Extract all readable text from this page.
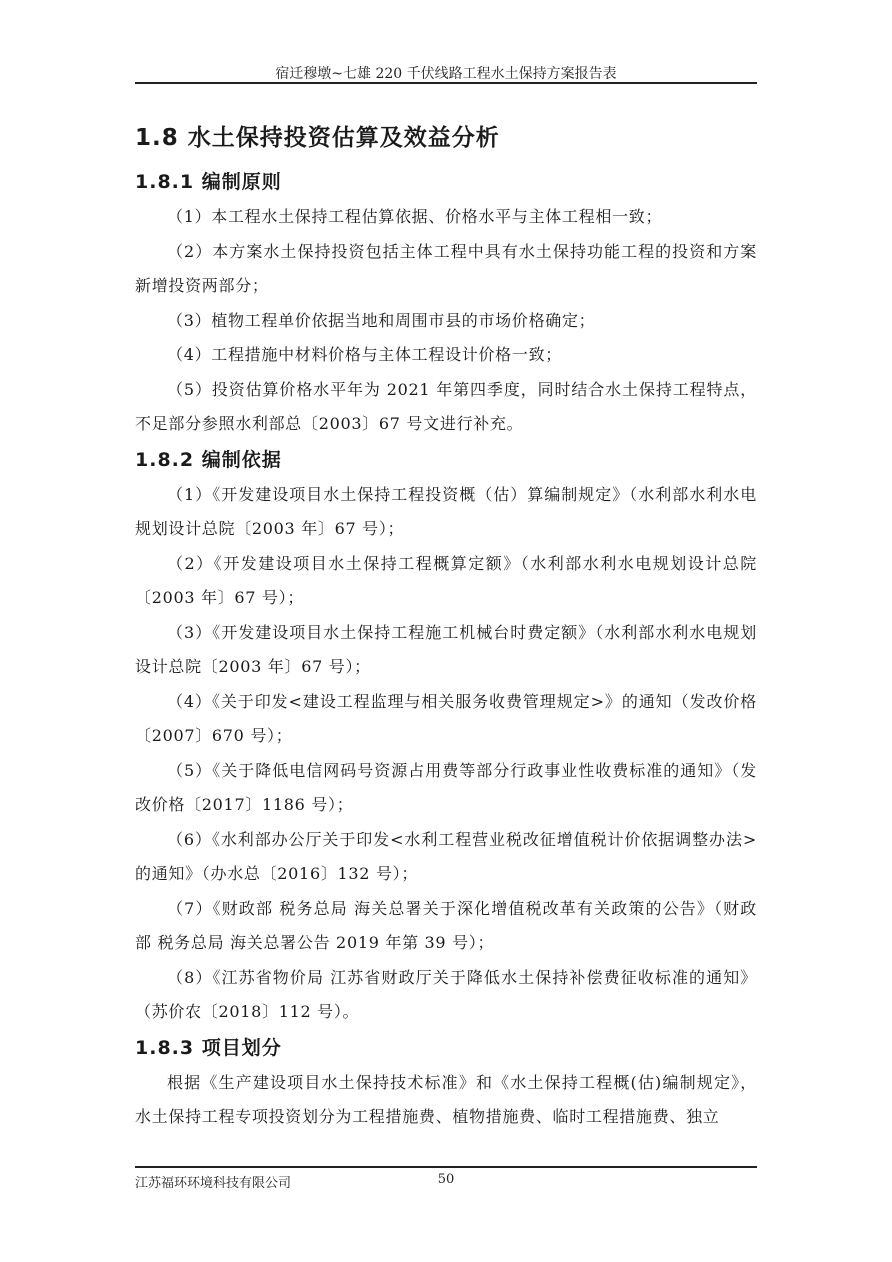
宿迁穆墩~七雄 220 千伏线路工程水土保持方案报告表
1.8 水土保持投资估算及效益分析
1.8.1 编制原则

（1）本工程水土保持工程估算依据、价格水平与主体工程相一致；

（2）本方案水土保持投资包括主体工程中具有水土保持功能工程的投资和方案新增投资两部分；

（3）植物工程单价依据当地和周围市县的市场价格确定；

（4）工程措施中材料价格与主体工程设计价格一致；

（5）投资估算价格水平年为 2021 年第四季度，同时结合水土保持工程特点，不足部分参照水利部总〔2003〕67 号文进行补充。

1.8.2 编制依据

（1）《开发建设项目水土保持工程投资概（估）算编制规定》（水利部水利水电规划设计总院〔2003 年〕67 号）；

（2）《开发建设项目水土保持工程概算定额》（水利部水利水电规划设计总院〔2003 年〕67 号）；

（3）《开发建设项目水土保持工程施工机械台时费定额》（水利部水利水电规划设计总院〔2003 年〕67 号）；

（4）《关于印发<建设工程监理与相关服务收费管理规定>》的通知（发改价格〔2007〕670 号）；

（5）《关于降低电信网码号资源占用费等部分行政事业性收费标准的通知》（发改价格〔2017〕1186 号）；

（6）《水利部办公厅关于印发<水利工程营业税改征增值税计价依据调整办法>的通知》（办水总〔2016〕132 号）；

（7）《财政部 税务总局 海关总署关于深化增值税改革有关政策的公告》（财政部 税务总局 海关总署公告 2019 年第 39 号）；

（8）《江苏省物价局 江苏省财政厅关于降低水土保持补偿费征收标准的通知》（苏价农〔2018〕112 号）。

1.8.3 项目划分

根据《生产建设项目水土保持技术标准》和《水土保持工程概(估)编制规定》，水土保持工程专项投资划分为工程措施费、植物措施费、临时工程措施费、独立

江苏福环环境科技有限公司	50
